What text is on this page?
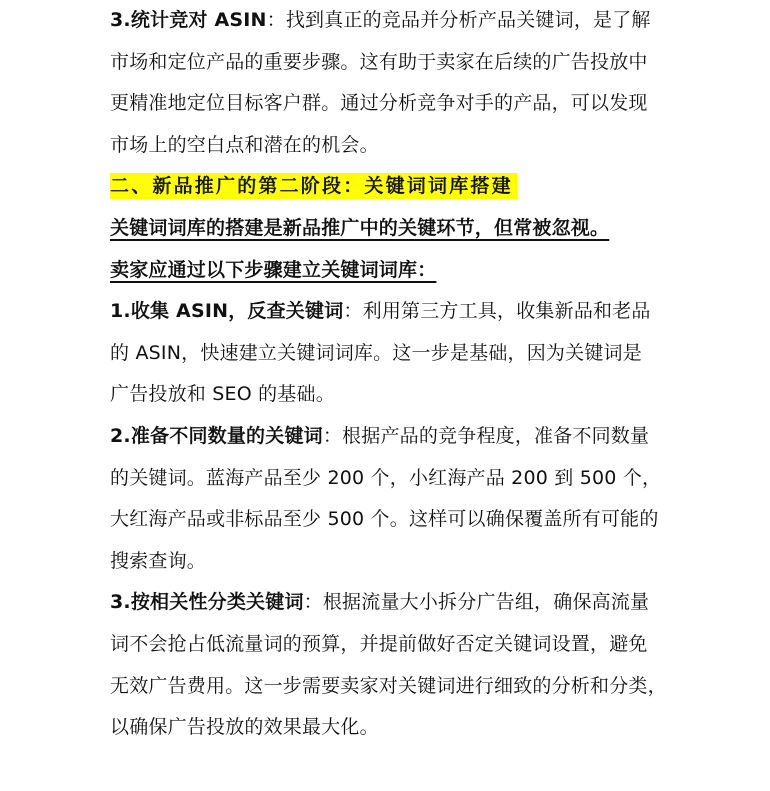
3.统计竞对 ASIN：找到真正的竞品并分析产品关键词，是了解
市场和定位产品的重要步骤。这有助于卖家在后续的广告投放中
更精准地定位目标客户群。通过分析竞争对手的产品，可以发现
市场上的空白点和潜在的机会。
二、新品推广的第二阶段：关键词词库搭建
关键词词库的搭建是新品推广中的关键环节，但常被忽视。
卖家应通过以下步骤建立关键词词库：
1.收集 ASIN，反查关键词：利用第三方工具，收集新品和老品
的 ASIN，快速建立关键词词库。这一步是基础，因为关键词是
广告投放和 SEO 的基础。
2.准备不同数量的关键词：根据产品的竞争程度，准备不同数量
的关键词。蓝海产品至少 200 个，小红海产品 200 到 500 个，
大红海产品或非标品至少 500 个。这样可以确保覆盖所有可能的
搜索查询。
3.按相关性分类关键词：根据流量大小拆分广告组，确保高流量
词不会抢占低流量词的预算，并提前做好否定关键词设置，避免
无效广告费用。这一步需要卖家对关键词进行细致的分析和分类，
以确保广告投放的效果最大化。
